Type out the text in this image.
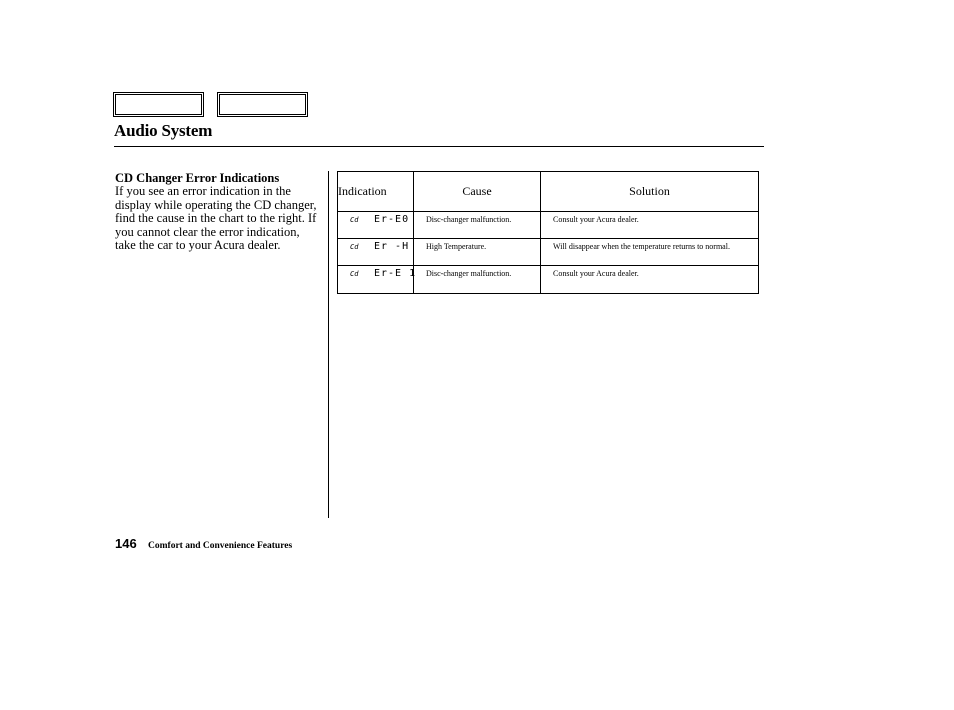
Audio System
CD Changer Error Indications
If you see an error indication in the display while operating the CD changer, find the cause in the chart to the right. If you cannot clear the error indication, take the car to your Acura dealer.
Indication	Cause	Solution
Cd Er-E0	Disc-changer malfunction.	Consult your Acura dealer.
Cd Er -H	High Temperature.	Will disappear when the temperature returns to normal.
Cd Er-E 1	Disc-changer malfunction.	Consult your Acura dealer.
146 Comfort and Convenience Features
